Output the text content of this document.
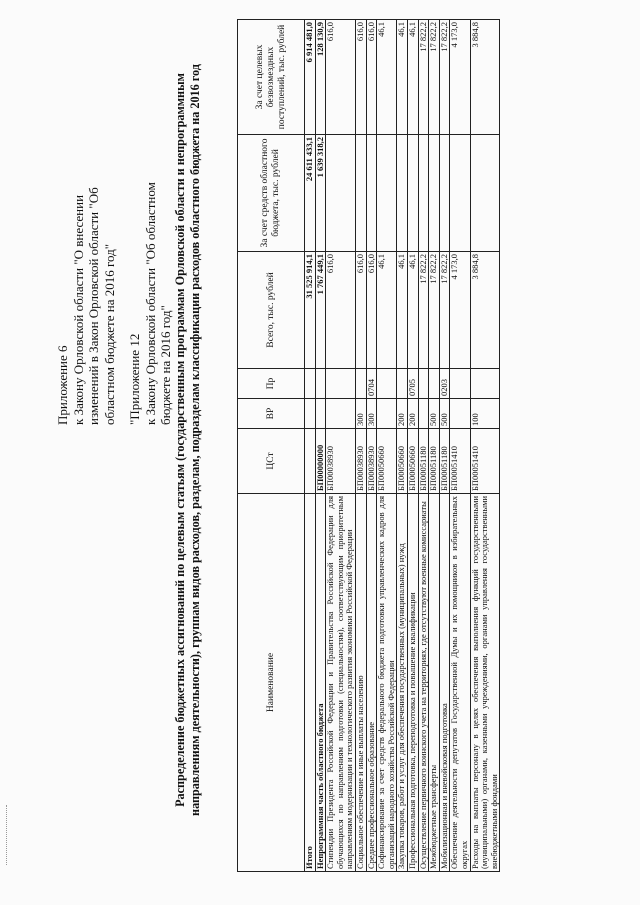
Приложение 6 к Закону Орловской области "О внесении изменений в Закон Орловской области "Об областном бюджете на 2016 год" "Приложение 12 к Закону Орловской области "Об областном бюджете на 2016 год" Распределение бюджетных ассигнований по целевым статьям (государственным программам Орловской области и непрограммным направлениям деятельности), группам видов расходов, разделам, подразделам классификации расходов областного бюджета на 2016 год	Наименование	ЦСт	ВР	Пр	Всего, тыс. рублей	За счет средств областного бюджета, тыс. рублей	За счет целевых безвозмездных поступлений, тыс. рублей
Итого				31 525 914,1	24 611 433,1	6 914 481,0
Непрограммная часть областного бюджета	БП00000000			1 767 449,1	1 639 318,2	128 130,9
Стипендии Президента Российской Федерации и Правительства Российской Федерации для обучающихся по направлениям подготовки (специальностям), соответствующим приоритетным направлениям модернизации и технологического развития экономики Российской Федерации	БП00038930			616,0		616,0
Социальное обеспечение и иные выплаты населению	БП00038930	300		616,0		616,0
Среднее профессиональное образование	БП00038930	300	0704	616,0		616,0
Софинансирование за счет средств федерального бюджета подготовки управленческих кадров для организаций народного хозяйства Российской Федерации	БП00050660			46,1		46,1
Закупка товаров, работ и услуг для обеспечения государственных (муниципальных) нужд	БП00050660	200		46,1		46,1
Профессиональная подготовка, переподготовка и повышение квалификации	БП00050660	200	0705	46,1		46,1
Осуществление первичного воинского учета на территориях, где отсутствуют военные комиссариаты	БП00051180			17 822,2		17 822,2
Межбюджетные трансферты	БП00051180	500		17 822,2		17 822,2
Мобилизационная и вневойсковая подготовка	БП00051180	500	0203	17 822,2		17 822,2
Обеспечение деятельности депутатов Государственной Думы и их помощников в избирательных округах	БП00051410			4 173,0		4 173,0
Расходы на выплаты персоналу в целях обеспечения выполнения функций государственными (муниципальными) органами, казенными учреждениями, органами управления государственными внебюджетными фондами	БП00051410	100		3 884,8		3 884,8
